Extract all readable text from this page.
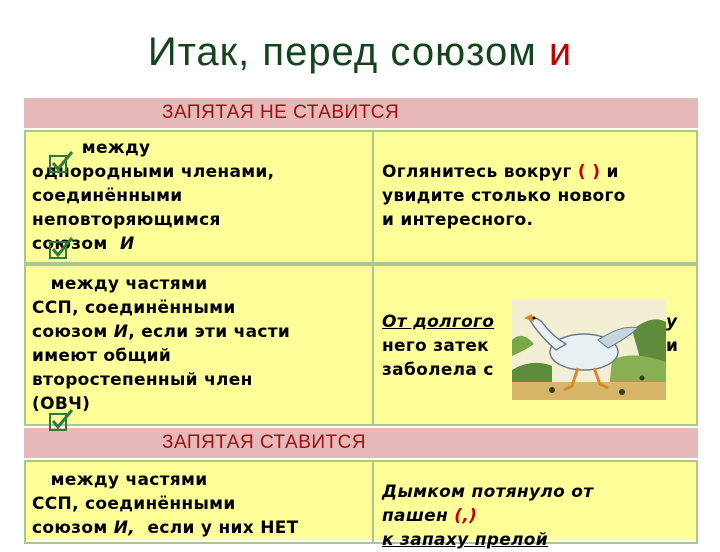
Итак, перед союзом и
ЗАПЯТАЯ НЕ СТАВИТСЯ
между
однородными членами,
соединёнными
неповторяющимся
союзом  И
Оглянитесь вокруг ( ) и
увидите столько нового
и интересного.
между частями
ССП, соединёнными
союзом И, если эти части
имеют общий
второстепенный член
(ОВЧ)
От долгого
него затек
заболела с
у
и
ЗАПЯТАЯ СТАВИТСЯ
между частями
ССП, соединёнными
союзом И,  если у них НЕТ
Дымком потянуло от
пашен (,)
к запаху прелой
